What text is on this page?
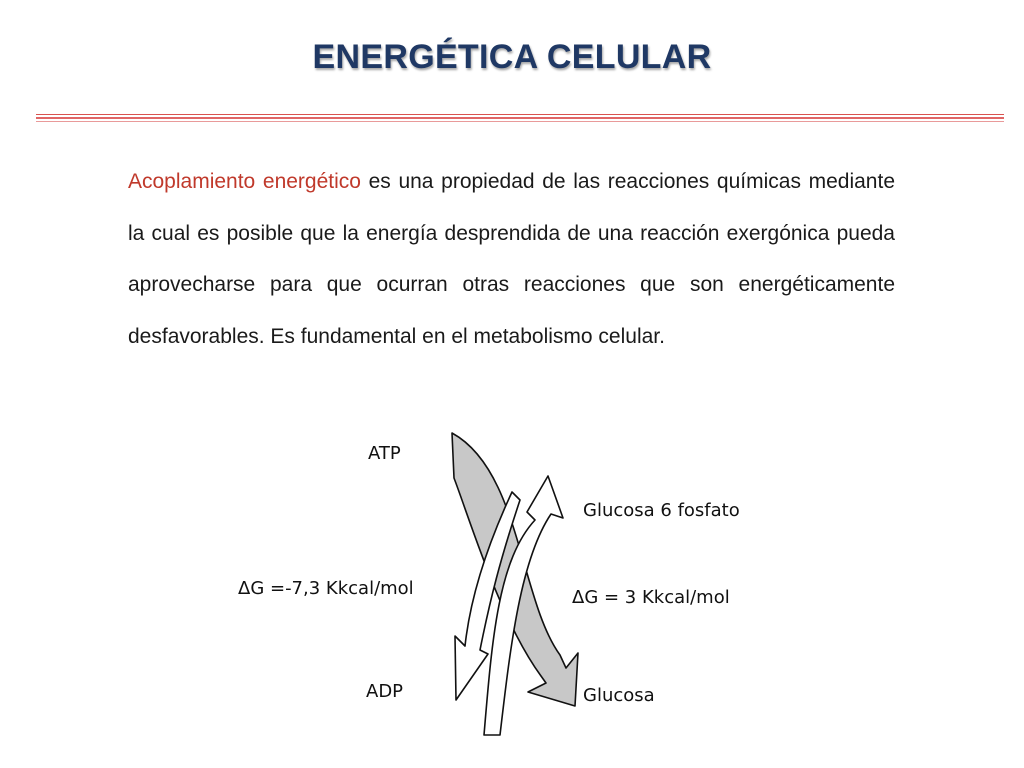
ENERGÉTICA CELULAR
Acoplamiento energético es una propiedad de las reacciones químicas mediante la cual es posible que la energía desprendida de una reacción exergónica pueda aprovecharse para que ocurran otras reacciones que son energéticamente desfavorables. Es fundamental en el metabolismo celular.
ATP
ADP
Glucosa 6 fosfato
Glucosa
ΔG =-7,3 Kkcal/mol	ΔG = 3 Kkcal/mol
